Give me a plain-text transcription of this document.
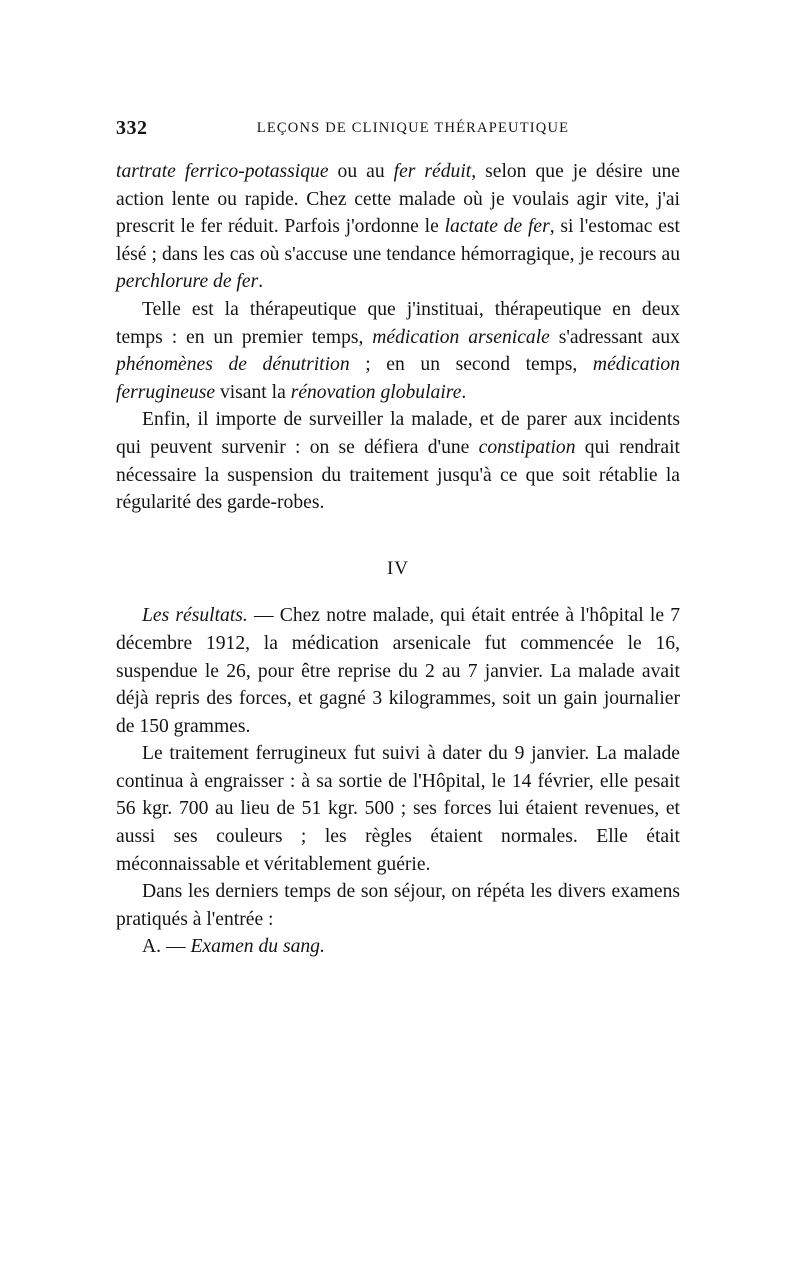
332	LEÇONS DE CLINIQUE THÉRAPEUTIQUE

tartrate ferrico-potassique ou au fer réduit, selon que je désire une action lente ou rapide. Chez cette malade où je voulais agir vite, j'ai prescrit le fer réduit. Parfois j'ordonne le lactate de fer, si l'estomac est lésé ; dans les cas où s'accuse une tendance hémorragique, je recours au perchlorure de fer.

Telle est la thérapeutique que j'instituai, thérapeutique en deux temps : en un premier temps, médication arsenicale s'adressant aux phénomènes de dénutrition ; en un second temps, médication ferrugineuse visant la rénovation globulaire.

Enfin, il importe de surveiller la malade, et de parer aux incidents qui peuvent survenir : on se défiera d'une constipation qui rendrait nécessaire la suspension du traitement jusqu'à ce que soit rétablie la régularité des garde-robes.

IV

Les résultats. — Chez notre malade, qui était entrée à l'hôpital le 7 décembre 1912, la médication arsenicale fut commencée le 16, suspendue le 26, pour être reprise du 2 au 7 janvier. La malade avait déjà repris des forces, et gagné 3 kilogrammes, soit un gain journalier de 150 grammes.

Le traitement ferrugineux fut suivi à dater du 9 janvier. La malade continua à engraisser : à sa sortie de l'Hôpital, le 14 février, elle pesait 56 kgr. 700 au lieu de 51 kgr. 500 ; ses forces lui étaient revenues, et aussi ses couleurs ; les règles étaient normales. Elle était méconnaissable et véritablement guérie.

Dans les derniers temps de son séjour, on répéta les divers examens pratiqués à l'entrée :

A. — Examen du sang.
